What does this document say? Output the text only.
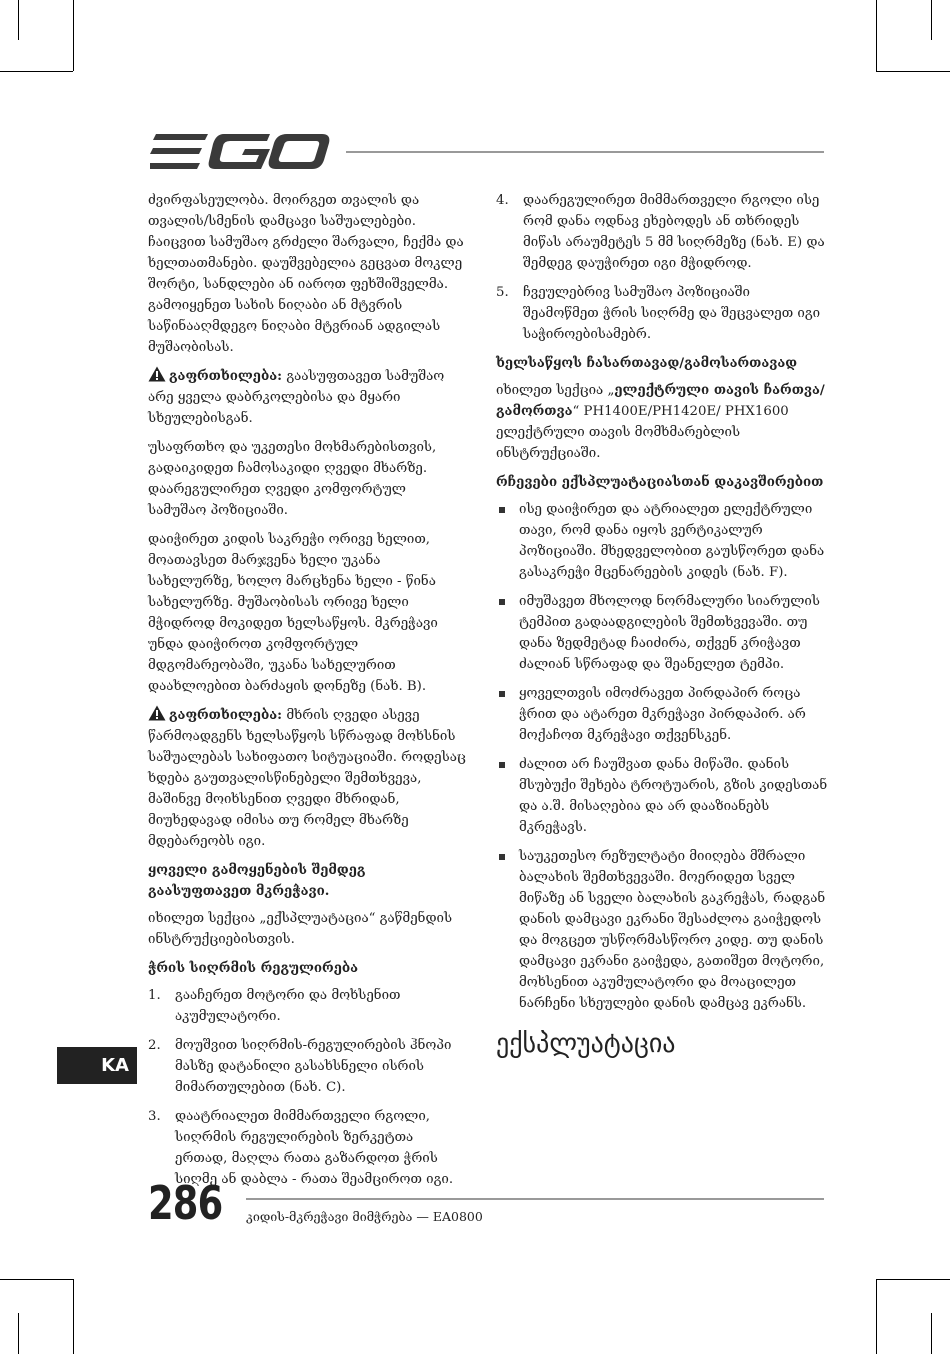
ძვირფასეულობა. მოირგეთ თვალის და თვალის/სმენის დამცავი საშუალებები. ჩაიცვით სამუშაო გრძელი შარვალი, ჩექმა და ხელთათმანები. დაუშვებელია გეცვათ მოკლე შორტი, სანდლები ან იაროთ ფეხშიშველმა. გამოიყენეთ სახის ნიღაბი ან მტვრის საწინააღმდეგო ნიღაბი მტვრიან ადგილას მუშაობისას.

გაფრთხილება: გაასუფთავეთ სამუშაო არე ყველა დაბრკოლებისა და მყარი სხეულებისგან.

უსაფრთხო და უკეთესი მოხმარებისთვის, გადაიკიდეთ ჩამოსაკიდი ღვედი მხარზე. დაარეგულირეთ ღვედი კომფორტულ სამუშაო პოზიციაში.

დაიჭირეთ კიდის საკრეჭი ორივე ხელით, მოათავსეთ მარჯვენა ხელი უკანა სახელურზე, ხოლო მარცხენა ხელი - წინა სახელურზე. მუშაობისას ორივე ხელი მჭიდროდ მოკიდეთ ხელსაწყოს. მკრეჭავი უნდა დაიჭიროთ კომფორტულ მდგომარეობაში, უკანა სახელურით დაახლოებით ბარძაყის დონეზე (ნახ. B).

გაფრთხილება: მხრის ღვედი ასევე წარმოადგენს ხელსაწყოს სწრაფად მოხსნის საშუალებას სახიფათო სიტუაციაში. როდესაც ხდება გაუთვალისწინებელი შემთხვევა, მაშინვე მოიხსენით ღვედი მხრიდან, მიუხედავად იმისა თუ რომელ მხარზე მდებარეობს იგი.

ყოველი გამოყენების შემდეგ გაასუფთავეთ მკრეჭავი.

იხილეთ სექცია „ექსპლუატაცია“ გაწმენდის ინსტრუქციებისთვის.

ჭრის სიღრმის რეგულირება
1. გააჩერეთ მოტორი და მოხსენით აკუმულატორი.
2. მოუშვით სიღრმის-რეგულირების ჰნოპი მასზე დატანილი გასახსნელი ისრის მიმართულებით (ნახ. C).
3. დაატრიალეთ მიმმართველი რგოლი, სიღრმის რეგულირების ზერკეტთა ერთად, მაღლა რათა გაზარდოთ ჭრის სიღმე ან დაბლა - რათა შეამციროთ იგი.
4. დაარეგულირეთ მიმმართველი რგოლი ისე რომ დანა ოდნავ ეხებოდეს ან თხრიდეს მიწას არაუმეტეს 5 მმ სიღრმეზე (ნახ. E) და შემდეგ დაუჭირეთ იგი მჭიდროდ.
5. ჩვეულებრივ სამუშაო პოზიციაში შეამოწმეთ ჭრის სიღრმე და შეცვალეთ იგი საჭიროებისამებრ.
ხელსაწყოს ჩასართავად/გამოსართავად

იხილეთ სექცია „ელექტრული თავის ჩართვა/გამორთვა“ PH1400E/PH1420E/ PHX1600 ელექტრული თავის მომხმარებლის ინსტრუქციაში.

რჩევები ექსპლუატაციასთან დაკავშირებით
ისე დაიჭირეთ და ატრიალეთ ელექტრული თავი, რომ დანა იყოს ვერტიკალურ პოზიციაში. მხედველობით გაუსწორეთ დანა გასაკრეჭი მცენარეების კიდეს (ნახ. F).
იმუშავეთ მხოლოდ ნორმალური სიარულის ტემპით გადაადგილების შემთხვევაში. თუ დანა ზედმეტად ჩაიძირა, თქვენ კრიჭავთ ძალიან სწრაფად და შეანელეთ ტემპი.
ყოველთვის იმოძრავეთ პირდაპირ როცა ჭრით და ატარეთ მკრეჭავი პირდაპირ. არ მოქაჩოთ მკრეჭავი თქვენსკენ.
ძალით არ ჩაუშვათ დანა მიწაში. დანის მსუბუქი შეხება ტროტუარის, გზის კიდესთან და ა.შ. მისაღებია და არ დააზიანებს მკრეჭავს.
საუკეთესო რეზულტატი მიიღება მშრალი ბალახის შემთხვევაში. მოერიდეთ სველ მიწაზე ან სველი ბალახის გაკრეჭას, რადგან დანის დამცავი ეკრანი შესაძლოა გაიჭედოს და მოგცეთ უსწორმასწორო კიდე. თუ დანის დამცავი ეკრანი გაიჭედა, გათიშეთ მოტორი, მოხსენით აკუმულატორი და მოაცილეთ ნარჩენი სხეულები დანის დამცავ ეკრანს.
ექსპლუატაცია
KA
286 კიდის-მკრეჭავი მიმჭრება — EA0800
